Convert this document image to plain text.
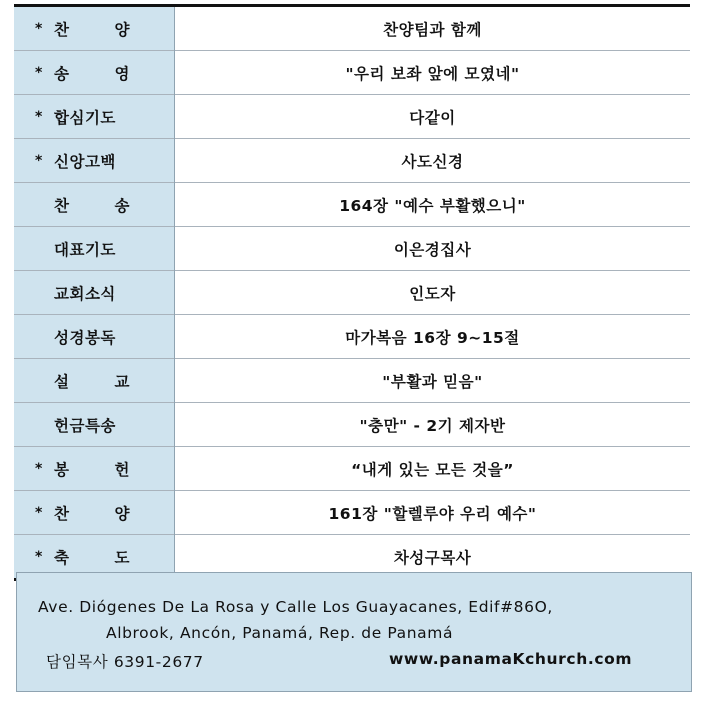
* 찬 양	찬양팀과 함께

* 송 영	"우리 보좌 앞에 모였네"

* 합심기도	다같이

* 신앙고백	사도신경

찬 송	164장 "예수 부활했으니"

대표기도	이은경집사

교회소식	인도자

성경봉독	마가복음 16장 9~15절

설 교	"부활과 믿음"

헌금특송	"충만" - 2기 제자반

* 봉 헌	“내게 있는 모든 것을”

* 찬 양	161장 "할렐루야 우리 예수"

* 축 도	차성구목사
Ave. Diógenes De La Rosa y Calle Los Guayacanes, Edif#86O,
Albrook, Ancón, Panamá, Rep. de Panamá
담임목사 6391-2677	www.panamaKchurch.com
